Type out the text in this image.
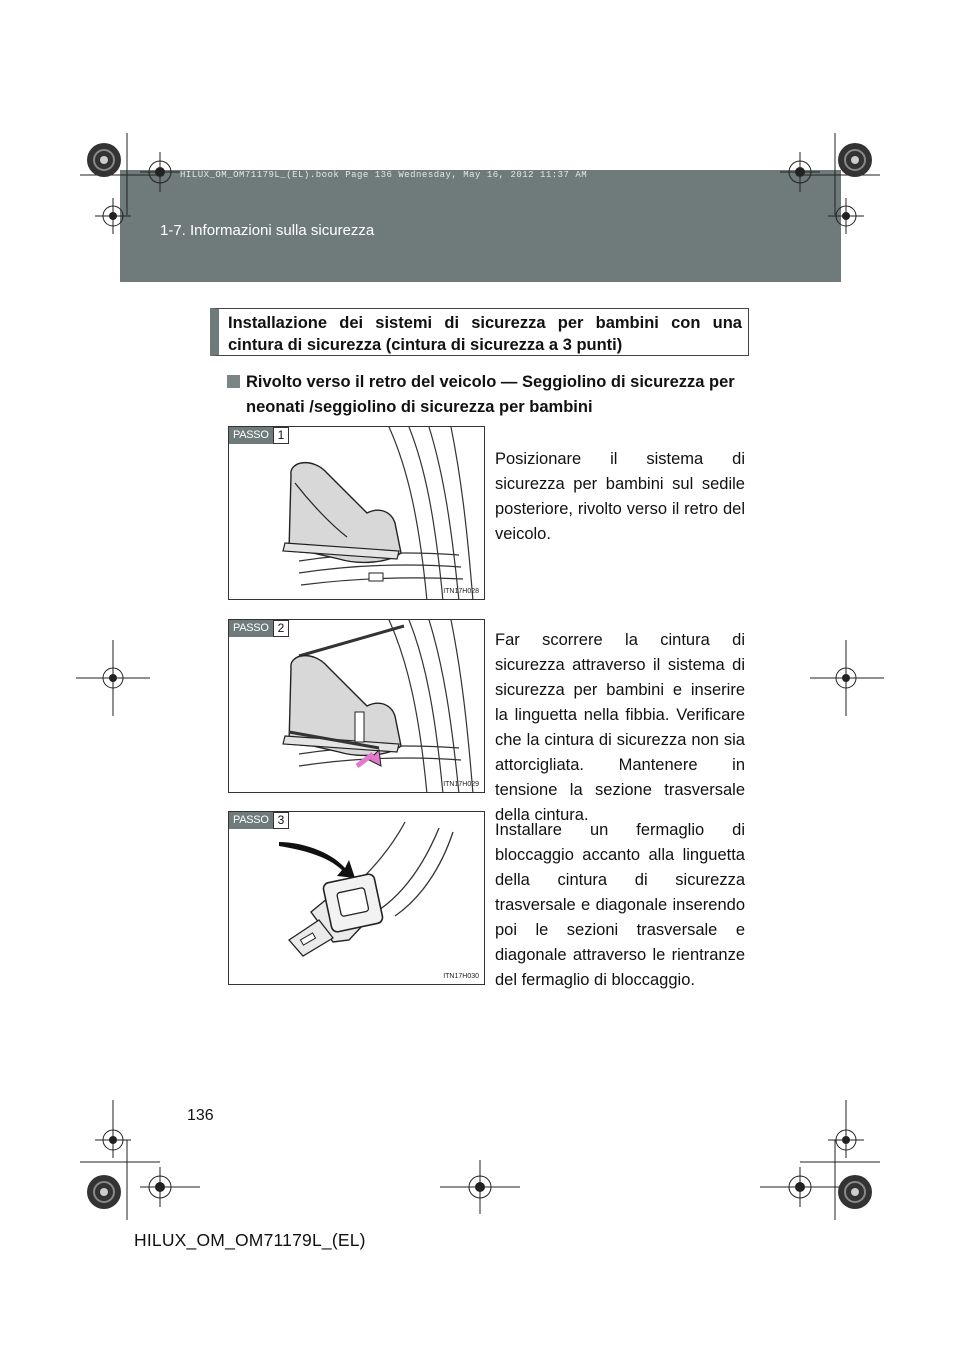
HILUX_OM_OM71179L_(EL).book Page 136 Wednesday, May 16, 2012 11:37 AM
1-7. Informazioni sulla sicurezza
Installazione dei sistemi di sicurezza per bambini con una
cintura di sicurezza (cintura di sicurezza a 3 punti)
Rivolto verso il retro del veicolo — Seggiolino di sicurezza per neonati /seggiolino di sicurezza per bambini
PASSO 1
ITN17H028
Posizionare il sistema di sicurezza per bambini sul sedile posteriore, rivolto verso il retro del veicolo.
PASSO 2
ITN17H029
Far scorrere la cintura di sicurezza attraverso il sistema di sicurezza per bambini e inserire la linguetta nella fibbia. Verificare che la cintura di sicurezza non sia attorcigliata. Mantenere in tensione la sezione trasversale della cintura.
PASSO 3
ITN17H030
Installare un fermaglio di bloccaggio accanto alla linguetta della cintura di sicurezza trasversale e diagonale inserendo poi le sezioni trasversale e diagonale attraverso le rientranze del fermaglio di bloccaggio.
136
HILUX_OM_OM71179L_(EL)
